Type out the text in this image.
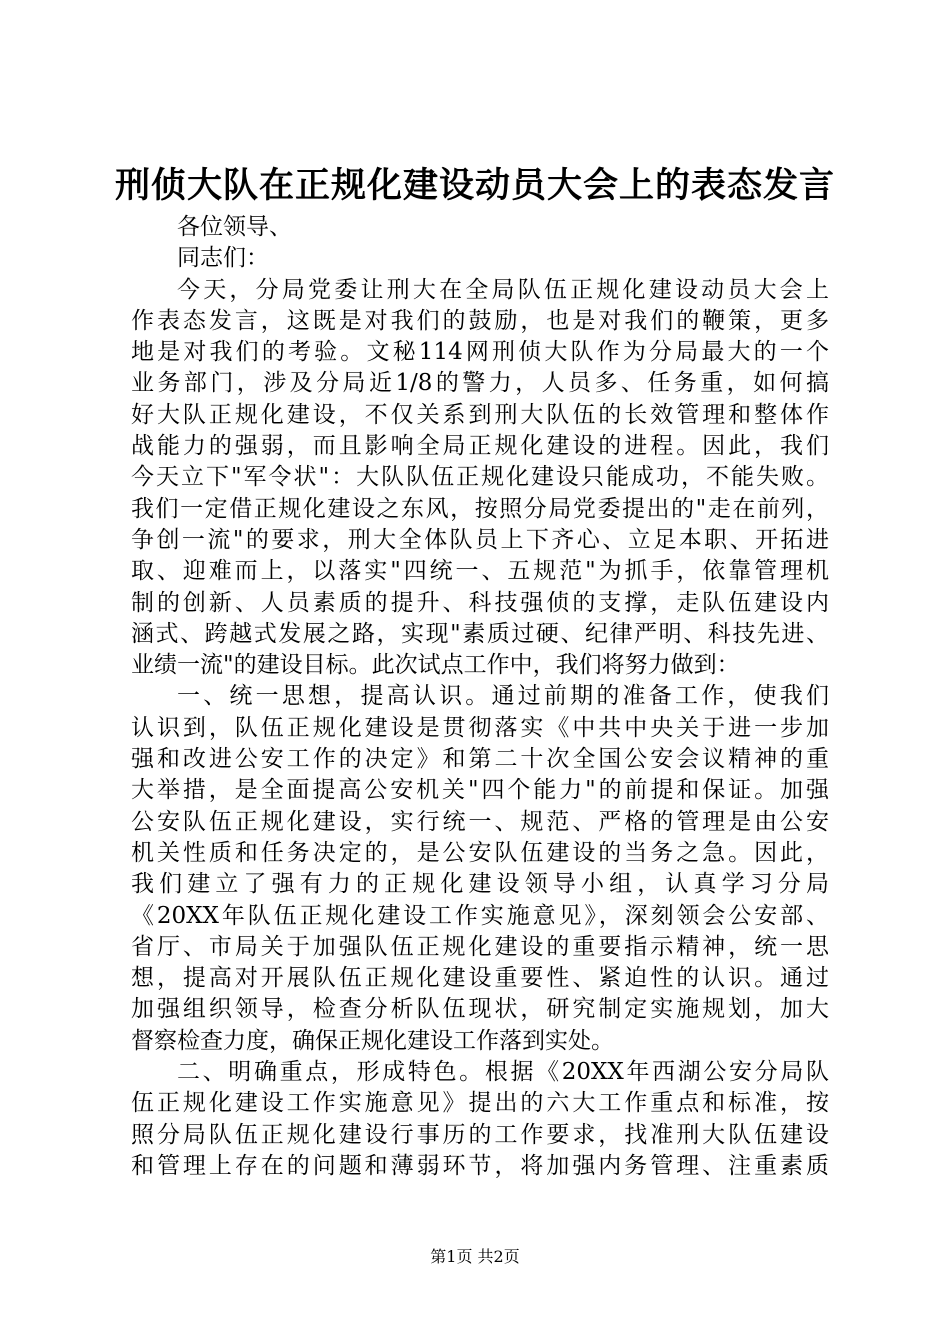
刑侦大队在正规化建设动员大会上的表态发言
各位领导、
同志们：
今天，分局党委让刑大在全局队伍正规化建设动员大会上
作表态发言，这既是对我们的鼓励，也是对我们的鞭策，更多
地是对我们的考验。文秘114网刑侦大队作为分局最大的一个
业务部门，涉及分局近1/8的警力，人员多、任务重，如何搞
好大队正规化建设，不仅关系到刑大队伍的长效管理和整体作
战能力的强弱，而且影响全局正规化建设的进程。因此，我们
今天立下"军令状"：大队队伍正规化建设只能成功，不能失败。
我们一定借正规化建设之东风，按照分局党委提出的"走在前列，
争创一流"的要求，刑大全体队员上下齐心、立足本职、开拓进
取、迎难而上，以落实"四统一、五规范"为抓手，依靠管理机
制的创新、人员素质的提升、科技强侦的支撑，走队伍建设内
涵式、跨越式发展之路，实现"素质过硬、纪律严明、科技先进、
业绩一流"的建设目标。此次试点工作中，我们将努力做到：
一、统一思想，提高认识。通过前期的准备工作，使我们
认识到，队伍正规化建设是贯彻落实《中共中央关于进一步加
强和改进公安工作的决定》和第二十次全国公安会议精神的重
大举措，是全面提高公安机关"四个能力"的前提和保证。加强
公安队伍正规化建设，实行统一、规范、严格的管理是由公安
机关性质和任务决定的，是公安队伍建设的当务之急。因此，
我们建立了强有力的正规化建设领导小组，认真学习分局
《20XX年队伍正规化建设工作实施意见》，深刻领会公安部、
省厅、市局关于加强队伍正规化建设的重要指示精神，统一思
想，提高对开展队伍正规化建设重要性、紧迫性的认识。通过
加强组织领导，检查分析队伍现状，研究制定实施规划，加大
督察检查力度，确保正规化建设工作落到实处。
二、明确重点，形成特色。根据《20XX年西湖公安分局队
伍正规化建设工作实施意见》提出的六大工作重点和标准，按
照分局队伍正规化建设行事历的工作要求，找准刑大队伍建设
和管理上存在的问题和薄弱环节，将加强内务管理、注重素质
第1页 共2页
